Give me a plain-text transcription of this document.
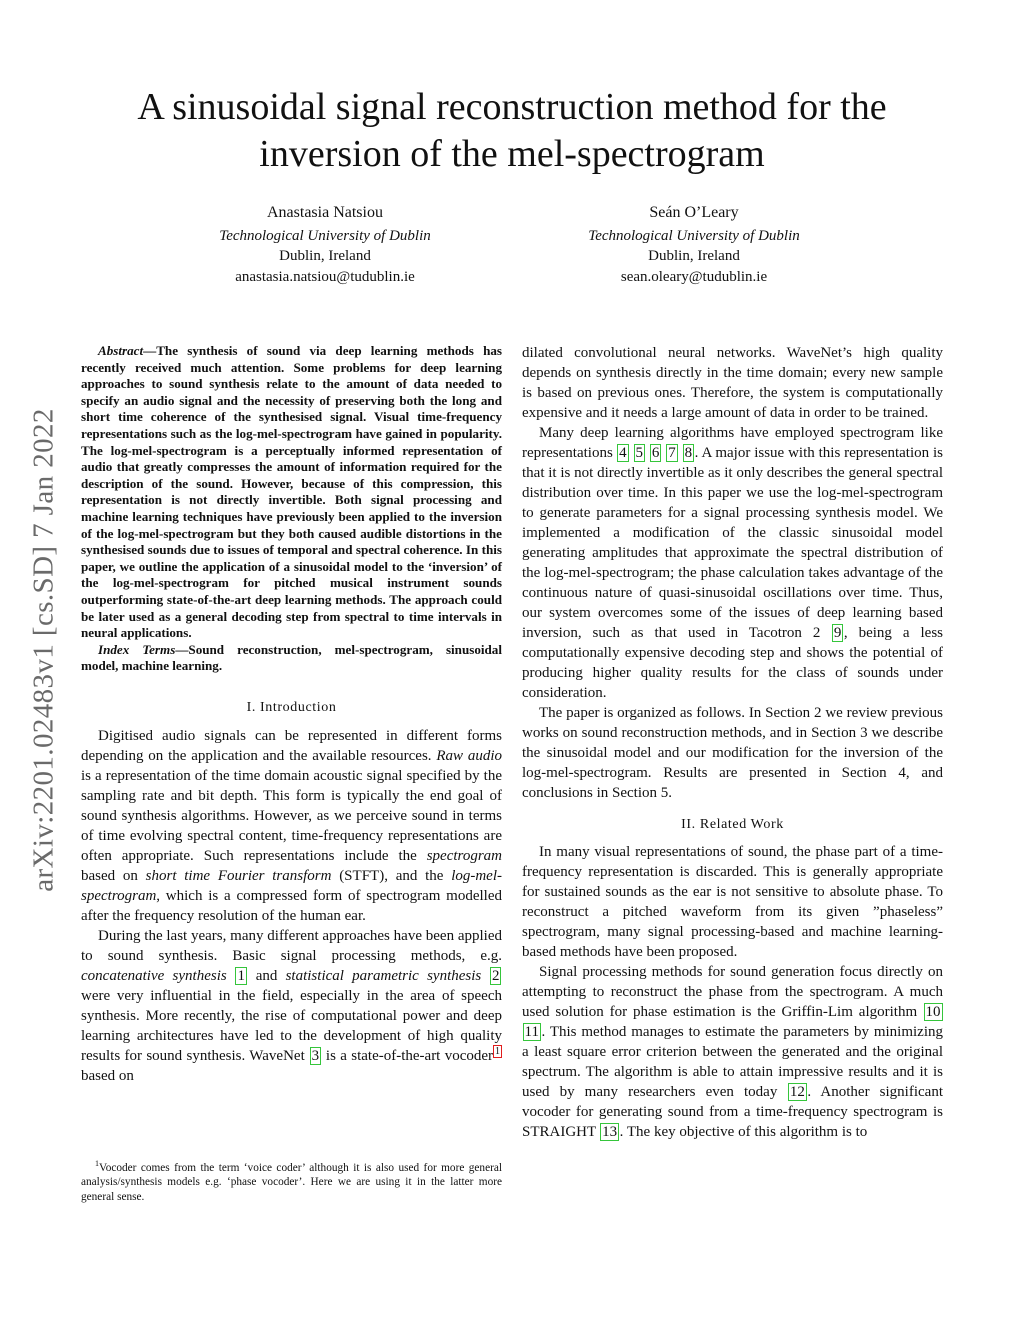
A sinusoidal signal reconstruction method for the
inversion of the mel-spectrogram
Anastasia Natsiou
Technological University of Dublin
Dublin, Ireland
anastasia.natsiou@tudublin.ie
Seán O’Leary
Technological University of Dublin
Dublin, Ireland
sean.oleary@tudublin.ie
arXiv:2201.02483v1 [cs.SD] 7 Jan 2022

Abstract—The synthesis of sound via deep learning methods has recently received much attention. Some problems for deep learning approaches to sound synthesis relate to the amount of data needed to specify an audio signal and the necessity of preserving both the long and short time coherence of the synthesised signal. Visual time-frequency representations such as the log-mel-spectrogram have gained in popularity. The log-mel-spectrogram is a perceptually informed representation of audio that greatly compresses the amount of information required for the description of the sound. However, because of this compression, this representation is not directly invertible. Both signal processing and machine learning techniques have previously been applied to the inversion of the log-mel-spectrogram but they both caused audible distortions in the synthesised sounds due to issues of temporal and spectral coherence. In this paper, we outline the application of a sinusoidal model to the ‘inversion’ of the log-mel-spectrogram for pitched musical instrument sounds outperforming state-of-the-art deep learning methods. The approach could be later used as a general decoding step from spectral to time intervals in neural applications.

Index Terms—Sound reconstruction, mel-spectrogram, sinusoidal model, machine learning.

I. Introduction

Digitised audio signals can be represented in different forms depending on the application and the available resources. Raw audio is a representation of the time domain acoustic signal specified by the sampling rate and bit depth. This form is typically the end goal of sound synthesis algorithms. However, as we perceive sound in terms of time evolving spectral content, time-frequency representations are often appropriate. Such representations include the spectrogram based on short time Fourier transform (STFT), and the log-mel-spectrogram, which is a compressed form of spectrogram modelled after the frequency resolution of the human ear.

During the last years, many different approaches have been applied to sound synthesis. Basic signal processing methods, e.g. concatenative synthesis 1 and statistical parametric synthesis 2 were very influential in the field, especially in the area of speech synthesis. More recently, the rise of computational power and deep learning architectures have led to the development of high quality results for sound synthesis. WaveNet 3 is a state-of-the-art vocoder $^1$ based on

$^1$Vocoder comes from the term ‘voice coder’ although it is also used for more general analysis/synthesis models e.g. ‘phase vocoder’. Here we are using it in the latter more general sense.

dilated convolutional neural networks. WaveNet’s high quality depends on synthesis directly in the time domain; every new sample is based on previous ones. Therefore, the system is computationally expensive and it needs a large amount of data in order to be trained.

Many deep learning algorithms have employed spectrogram like representations 4 5 6 7 8 . A major issue with this representation is that it is not directly invertible as it only describes the general spectral distribution over time. In this paper we use the log-mel-spectrogram to generate parameters for a signal processing synthesis model. We implemented a modification of the classic sinusoidal model generating amplitudes that approximate the spectral distribution of the log-mel-spectrogram; the phase calculation takes advantage of the continuous nature of quasi-sinusoidal oscillations over time. Thus, our system overcomes some of the issues of deep learning based inversion, such as that used in Tacotron 2 9 , being a less computationally expensive decoding step and shows the potential of producing higher quality results for the class of sounds under consideration.

The paper is organized as follows. In Section 2 we review previous works on sound reconstruction methods, and in Section 3 we describe the sinusoidal model and our modification for the inversion of the log-mel-spectrogram. Results are presented in Section 4, and conclusions in Section 5.

II. Related Work

In many visual representations of sound, the phase part of a time-frequency representation is discarded. This is generally appropriate for sustained sounds as the ear is not sensitive to absolute phase. To reconstruct a pitched waveform from its given ”phaseless” spectrogram, many signal processing-based and machine learning-based methods have been proposed.

Signal processing methods for sound generation focus directly on attempting to reconstruct the phase from the spectrogram. A much used solution for phase estimation is the Griffin-Lim algorithm 10 11 . This method manages to estimate the parameters by minimizing a least square error criterion between the generated and the original spectrum. The algorithm is able to attain impressive results and it is used by many researchers even today 12 . Another significant vocoder for generating sound from a time-frequency spectrogram is STRAIGHT 13 . The key objective of this algorithm is to
